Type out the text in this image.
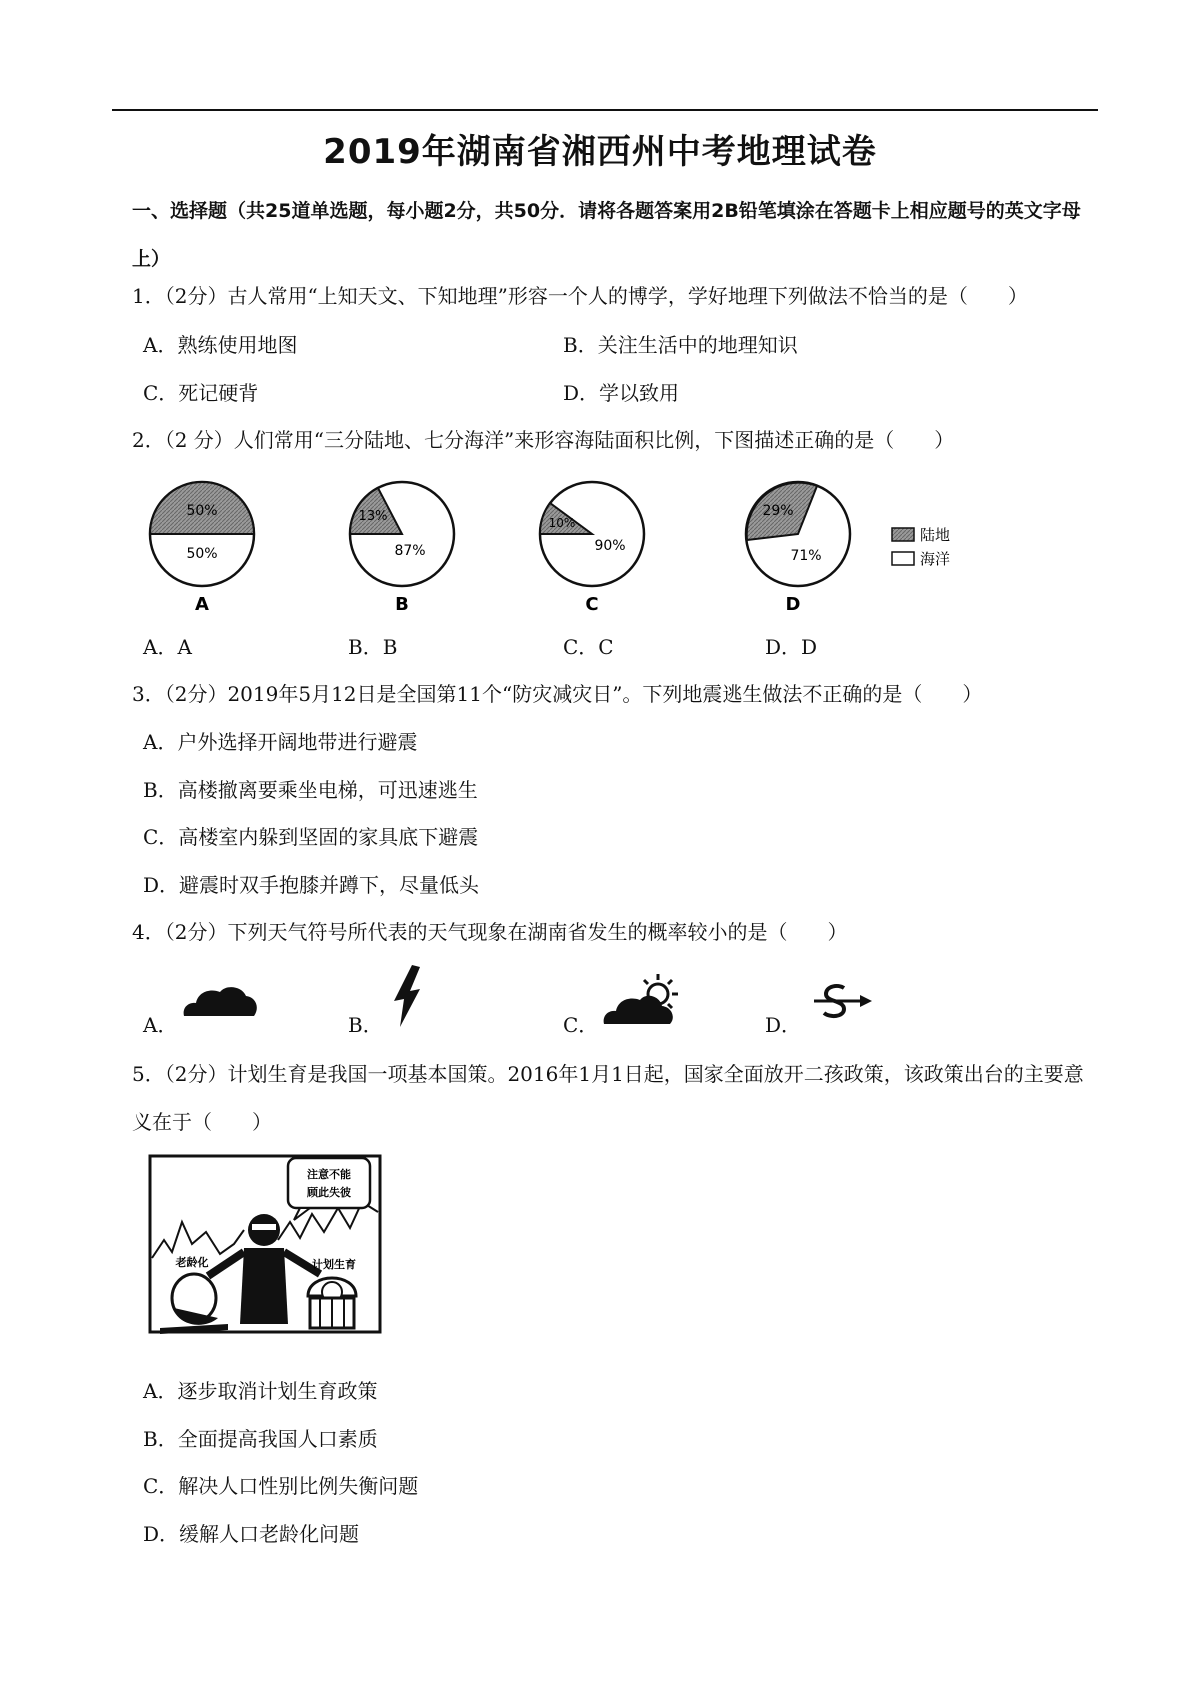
2019年湖南省湘西州中考地理试卷
一、选择题（共25道单选题，每小题2分，共50分．请将各题答案用2B铅笔填涂在答题卡上相应题号的英文字母上）
1．（2分）古人常用“上知天文、下知地理”形容一个人的博学，学好地理下列做法不恰当的是（　　）
A．熟练使用地图	B．关注生活中的地理知识
C．死记硬背	D．学以致用
2．（2 分）人们常用“三分陆地、七分海洋”来形容海陆面积比例，下图描述正确的是（　　）
50%
50%
A
13%
87%
B
10%
90%
C
29%
71%
D
陆地
海洋
A．A	B．B	C．C	D．D
3．（2分）2019年5月12日是全国第11个“防灾减灾日”。下列地震逃生做法不正确的是（　　）
A．户外选择开阔地带进行避震
B．高楼撤离要乘坐电梯，可迅速逃生
C．高楼室内躲到坚固的家具底下避震
D．避震时双手抱膝并蹲下，尽量低头
4．（2分）下列天气符号所代表的天气现象在湖南省发生的概率较小的是（　　）
A．	B．	C．	D．
5．（2分）计划生育是我国一项基本国策。2016年1月1日起，国家全面放开二孩政策，该政策出台的主要意义在于（　　）
注意不能
顾此失彼
老龄化	计划生育
A．逐步取消计划生育政策
B．全面提高我国人口素质
C．解决人口性别比例失衡问题
D．缓解人口老龄化问题
